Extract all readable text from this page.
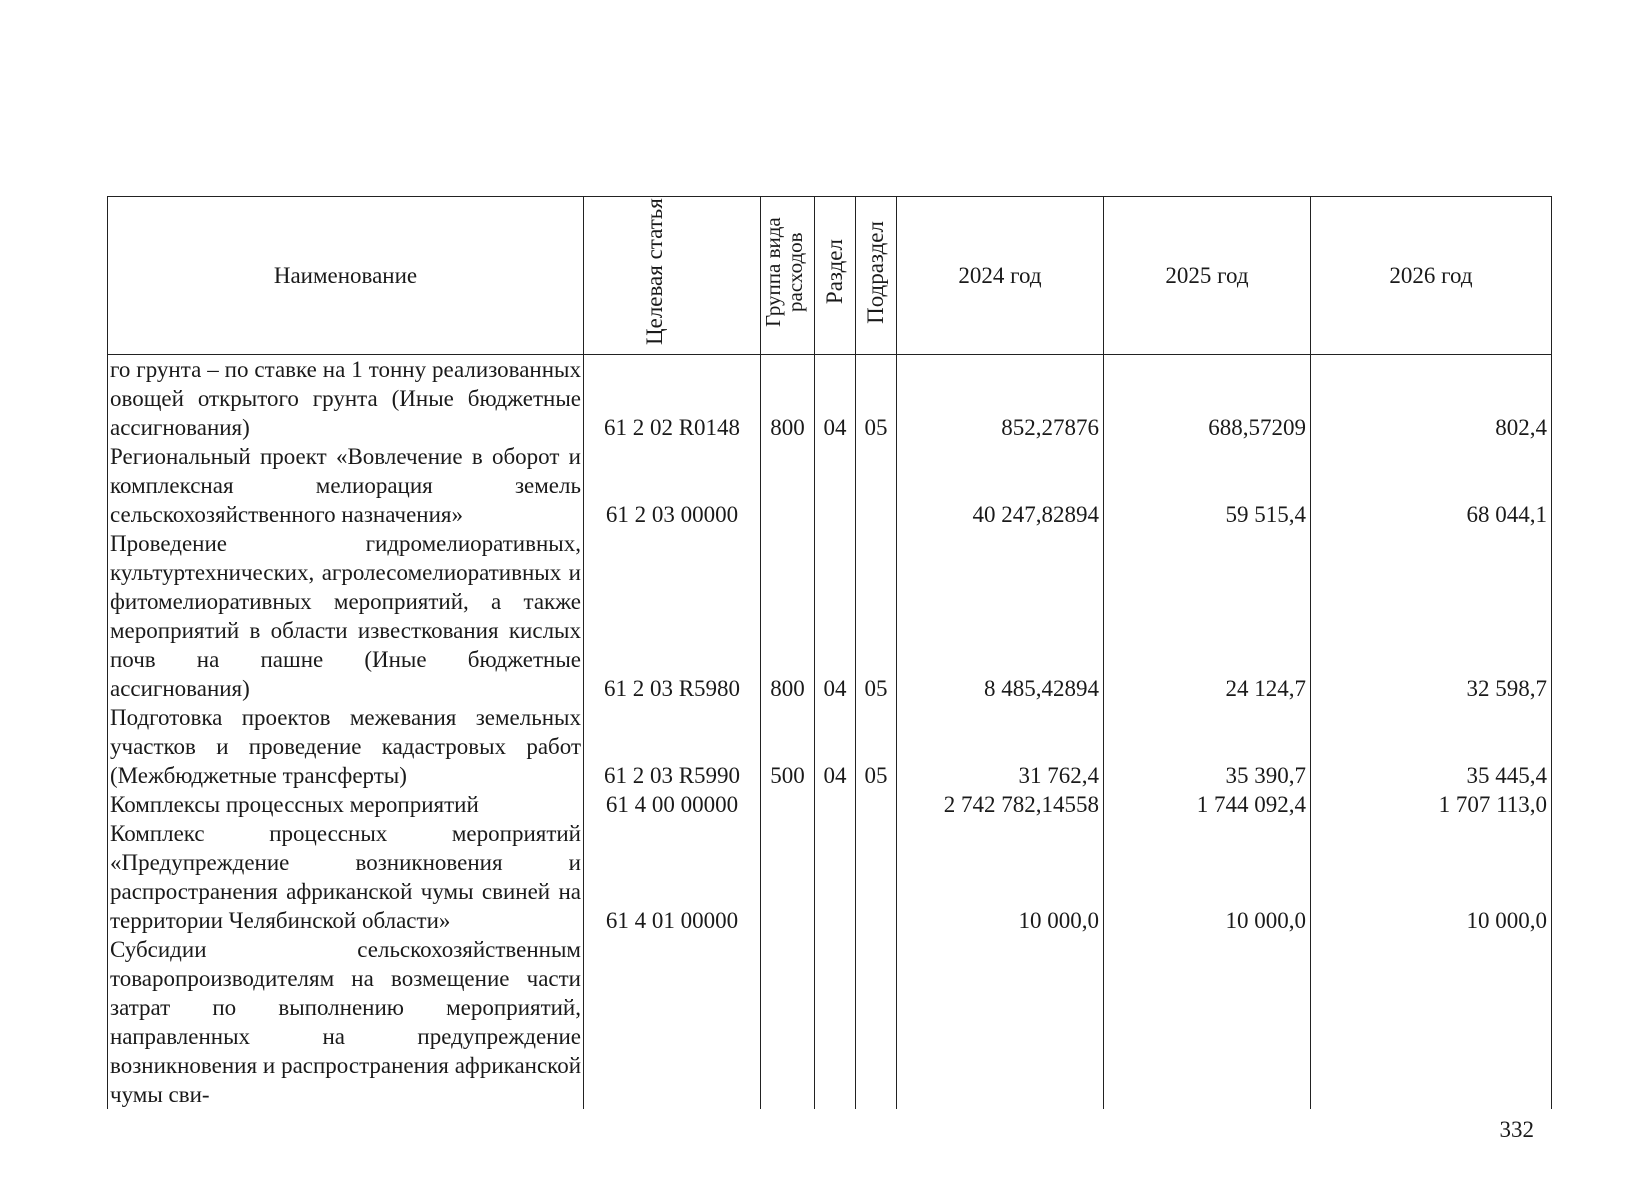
Наименование	Целевая статья	Группа вида расходов	Раздел	Подраздел	2024 год	2025 год	2026 год
го грунта – по ставке на 1 тонну реализованных овощей открытого грунта (Иные бюджетные ассигнования)	61 2 02 R0148	800	04	05	852,27876	688,57209	802,4
Региональный проект «Вовлечение в оборот и комплексная мелиорация земель сельскохозяйственного назначения»	61 2 03 00000				40 247,82894	59 515,4	68 044,1
Проведение гидромелиоративных, культуртехнических, агролесомелиоративных и фитомелиоративных мероприятий, а также мероприятий в области известкования кислых почв на пашне (Иные бюджетные ассигнования)	61 2 03 R5980	800	04	05	8 485,42894	24 124,7	32 598,7
Подготовка проектов межевания земельных участков и проведение кадастровых работ (Межбюджетные трансферты)	61 2 03 R5990	500	04	05	31 762,4	35 390,7	35 445,4
Комплексы процессных мероприятий	61 4 00 00000				2 742 782,14558	1 744 092,4	1 707 113,0
Комплекс процессных мероприятий «Предупреждение возникновения и распространения африканской чумы свиней на территории Челябинской области»	61 4 01 00000				10 000,0	10 000,0	10 000,0
Субсидии сельскохозяйственным товаропроизводителям на возмещение части затрат по выполнению мероприятий, направленных на предупреждение возникновения и распространения африканской чумы сви-							
332
